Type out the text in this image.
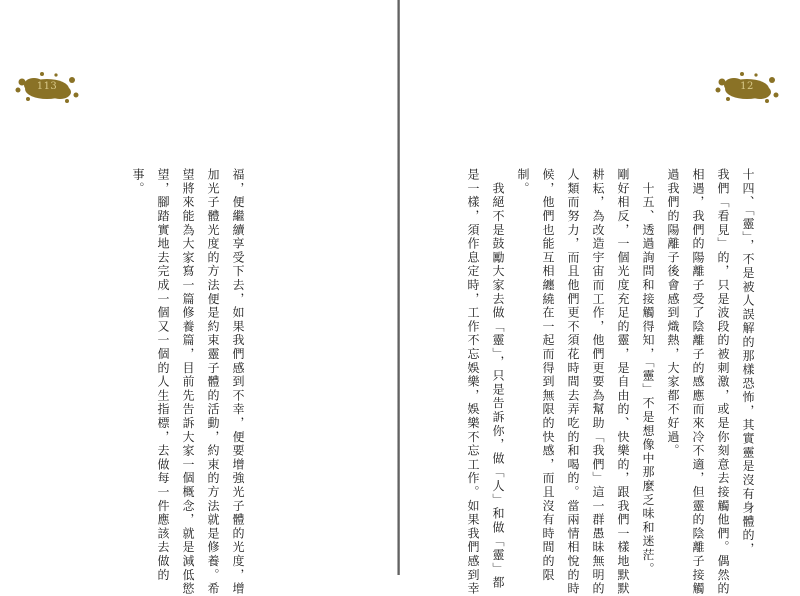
113
福，便繼續享受下去，如果我們感到不幸，便要增強光子體的光度，增
加光子體光度的方法便是約束靈子體的活動，約束的方法就是修養。希
望將來能為大家寫一篇修養篇，目前先告訴大家一個概念，就是減低慾
望，腳踏實地去完成一個又一個的人生指標，去做每一件應該去做的
事。
12
十四、「靈」，不是被人誤解的那樣恐怖，其實靈是沒有身體的，
我們「看見」的，只是波段的被刺激，或是你刻意去接觸他們。偶然的
相遇，我們的陽離子受了陰離子的感應而來冷不適，但靈的陰離子接觸
過我們的陽離子後會感到熾熱，大家都不好過。
　十五、透過詢問和接觸得知，「靈」不是想像中那麼乏味和迷茫。
剛好相反，一個光度充足的靈，是自由的、快樂的，跟我們一樣地默默
耕耘，為改造宇宙而工作，他們更要為幫助「我們」這一群愚昧無明的
人類而努力，而且他們更不須花時間去弄吃的和喝的。當兩情相悅的時
候，他們也能互相纏繞在一起而得到無限的快感，而且沒有時間的限
制。
　我絕不是鼓勵大家去做「靈」，只是告訴你，做「人」和做「靈」都
是一樣，須作息定時，工作不忘娛樂，娛樂不忘工作。如果我們感到幸
